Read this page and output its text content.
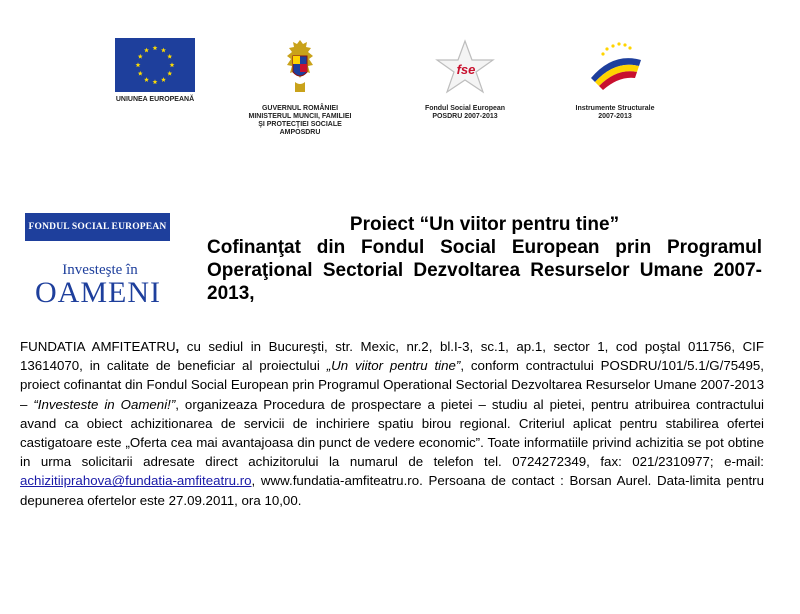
UNIUNEA EUROPEANĂ
GUVERNUL ROMÂNIEI
MINISTERUL MUNCII, FAMILIEI
ŞI PROTECŢIEI SOCIALE
AMPOSDRU
fse
Fondul Social European
POSDRU 2007-2013
Instrumente Structurale
2007-2013
FONDUL SOCIAL EUROPEAN
Investeşte în
OAMENI
Proiect “Un viitor pentru tine”
Cofinanţat din Fondul Social European prin Programul Operaţional Sectorial Dezvoltarea Resurselor Umane 2007- 2013,
FUNDATIA AMFITEATRU, cu sediul in Bucureşti, str. Mexic, nr.2, bl.I-3, sc.1, ap.1, sector 1, cod poştal 011756, CIF 13614070, in calitate de beneficiar al proiectului „Un viitor pentru tine”, conform contractului POSDRU/101/5.1/G/75495, proiect cofinantat din Fondul Social European prin Programul Operational Sectorial Dezvoltarea Resurselor Umane 2007-2013 – “Investeste in Oameni!”, organizeaza Procedura de prospectare a pietei – studiu al pietei, pentru atribuirea contractului avand ca obiect achizitionarea de servicii de inchiriere spatiu birou regional. Criteriul aplicat pentru stabilirea ofertei castigatoare este „Oferta cea mai avantajoasa din punct de vedere economic”. Toate informatiile privind achizitia se pot obtine in urma solicitarii adresate direct achizitorului la numarul de telefon tel. 0724272349, fax: 021/2310977; e-mail: achizitiiprahova@fundatia-amfiteatru.ro, www.fundatia-amfiteatru.ro. Persoana de contact : Borsan Aurel. Data-limita pentru depunerea ofertelor este 27.09.2011, ora 10,00.
